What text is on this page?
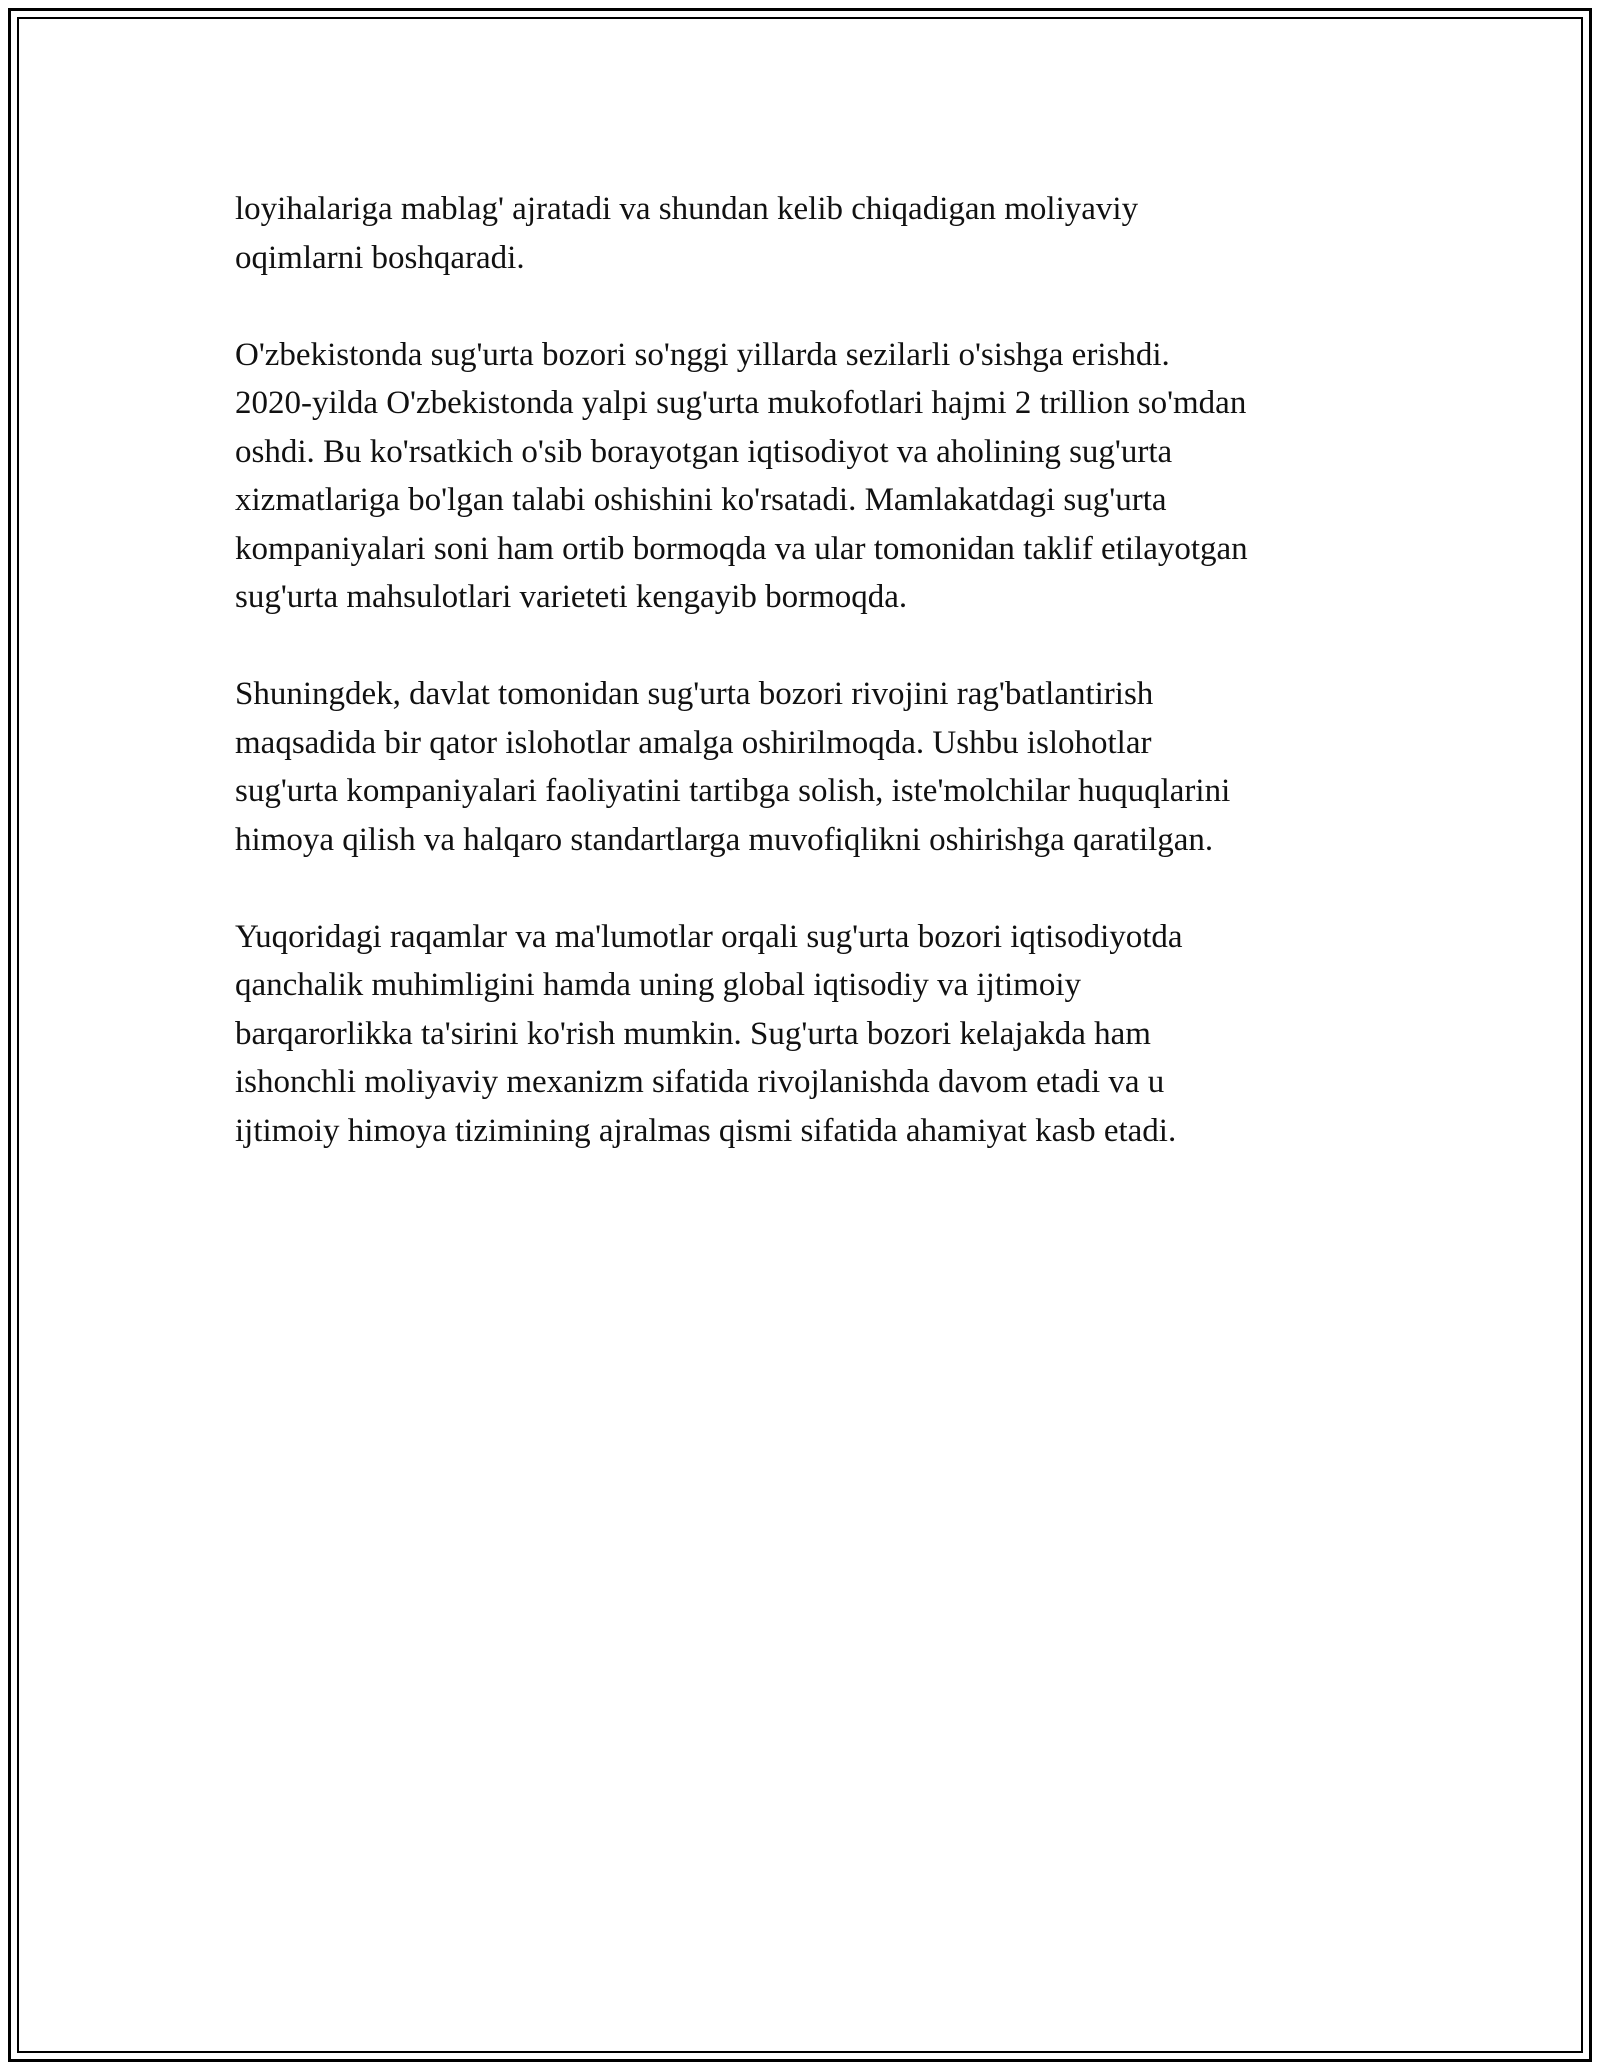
loyihalariga mablag' ajratadi va shundan kelib chiqadigan moliyaviy
oqimlarni boshqaradi.

O'zbekistonda sug'urta bozori so'nggi yillarda sezilarli o'sishga erishdi.
2020-yilda O'zbekistonda yalpi sug'urta mukofotlari hajmi 2 trillion so'mdan
oshdi. Bu ko'rsatkich o'sib borayotgan iqtisodiyot va aholining sug'urta
xizmatlariga bo'lgan talabi oshishini ko'rsatadi. Mamlakatdagi sug'urta
kompaniyalari soni ham ortib bormoqda va ular tomonidan taklif etilayotgan
sug'urta mahsulotlari varieteti kengayib bormoqda.

Shuningdek, davlat tomonidan sug'urta bozori rivojini rag'batlantirish
maqsadida bir qator islohotlar amalga oshirilmoqda. Ushbu islohotlar
sug'urta kompaniyalari faoliyatini tartibga solish, iste'molchilar huquqlarini
himoya qilish va halqaro standartlarga muvofiqlikni oshirishga qaratilgan.

Yuqoridagi raqamlar va ma'lumotlar orqali sug'urta bozori iqtisodiyotda
qanchalik muhimligini hamda uning global iqtisodiy va ijtimoiy
barqarorlikka ta'sirini ko'rish mumkin. Sug'urta bozori kelajakda ham
ishonchli moliyaviy mexanizm sifatida rivojlanishda davom etadi va u
ijtimoiy himoya tizimining ajralmas qismi sifatida ahamiyat kasb etadi.
